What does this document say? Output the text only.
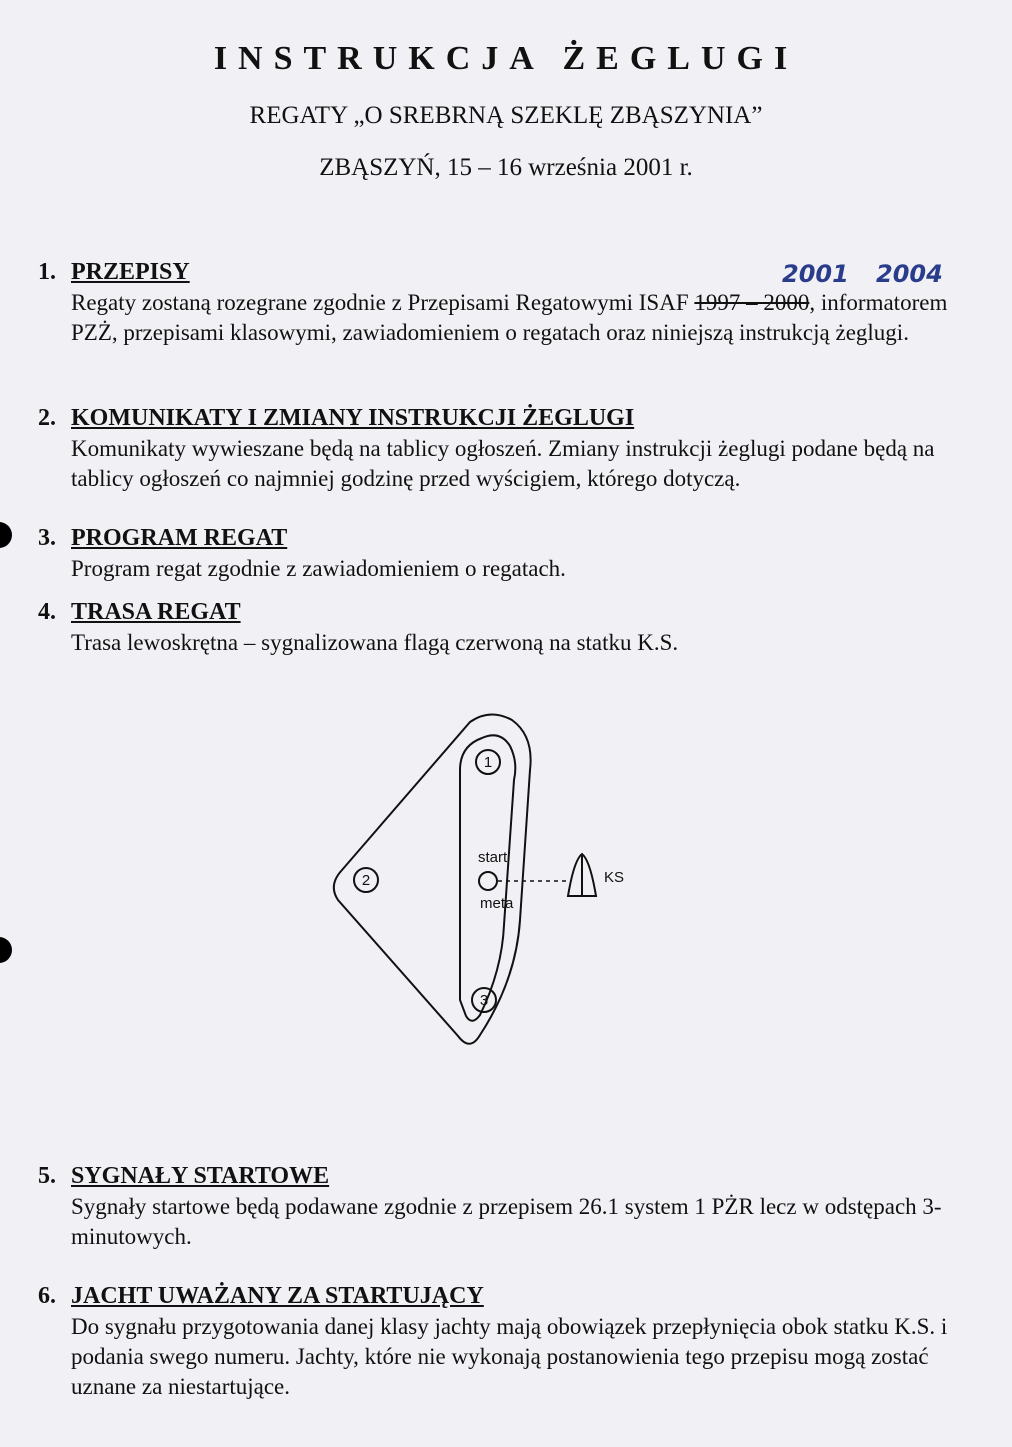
INSTRUKCJA ŻEGLUGI
REGATY „O SREBRNĄ SZEKLĘ ZBĄSZYNIA”
ZBĄSZYŃ, 15 – 16 września 2001 r.
2001 2004
1. PRZEPISY
Regaty zostaną rozegrane zgodnie z Przepisami Regatowymi ISAF 1997 – 2000, informatorem PZŻ, przepisami klasowymi, zawiadomieniem o regatach oraz niniejszą instrukcją żeglugi.
2. KOMUNIKATY I ZMIANY INSTRUKCJI ŻEGLUGI
Komunikaty wywieszane będą na tablicy ogłoszeń. Zmiany instrukcji żeglugi podane będą na tablicy ogłoszeń co najmniej godzinę przed wyścigiem, którego dotyczą.
3. PROGRAM REGAT
Program regat zgodnie z zawiadomieniem o regatach.
4. TRASA REGAT
Trasa lewoskrętna – sygnalizowana flagą czerwoną na statku K.S.
1
2
3
start
meta
KS
5. SYGNAŁY STARTOWE
Sygnały startowe będą podawane zgodnie z przepisem 26.1 system 1 PŻR lecz w odstępach 3-minutowych.
6. JACHT UWAŻANY ZA STARTUJĄCY
Do sygnału przygotowania danej klasy jachty mają obowiązek przepłynięcia obok statku K.S. i podania swego numeru. Jachty, które nie wykonają postanowienia tego przepisu mogą zostać uznane za niestartujące.
